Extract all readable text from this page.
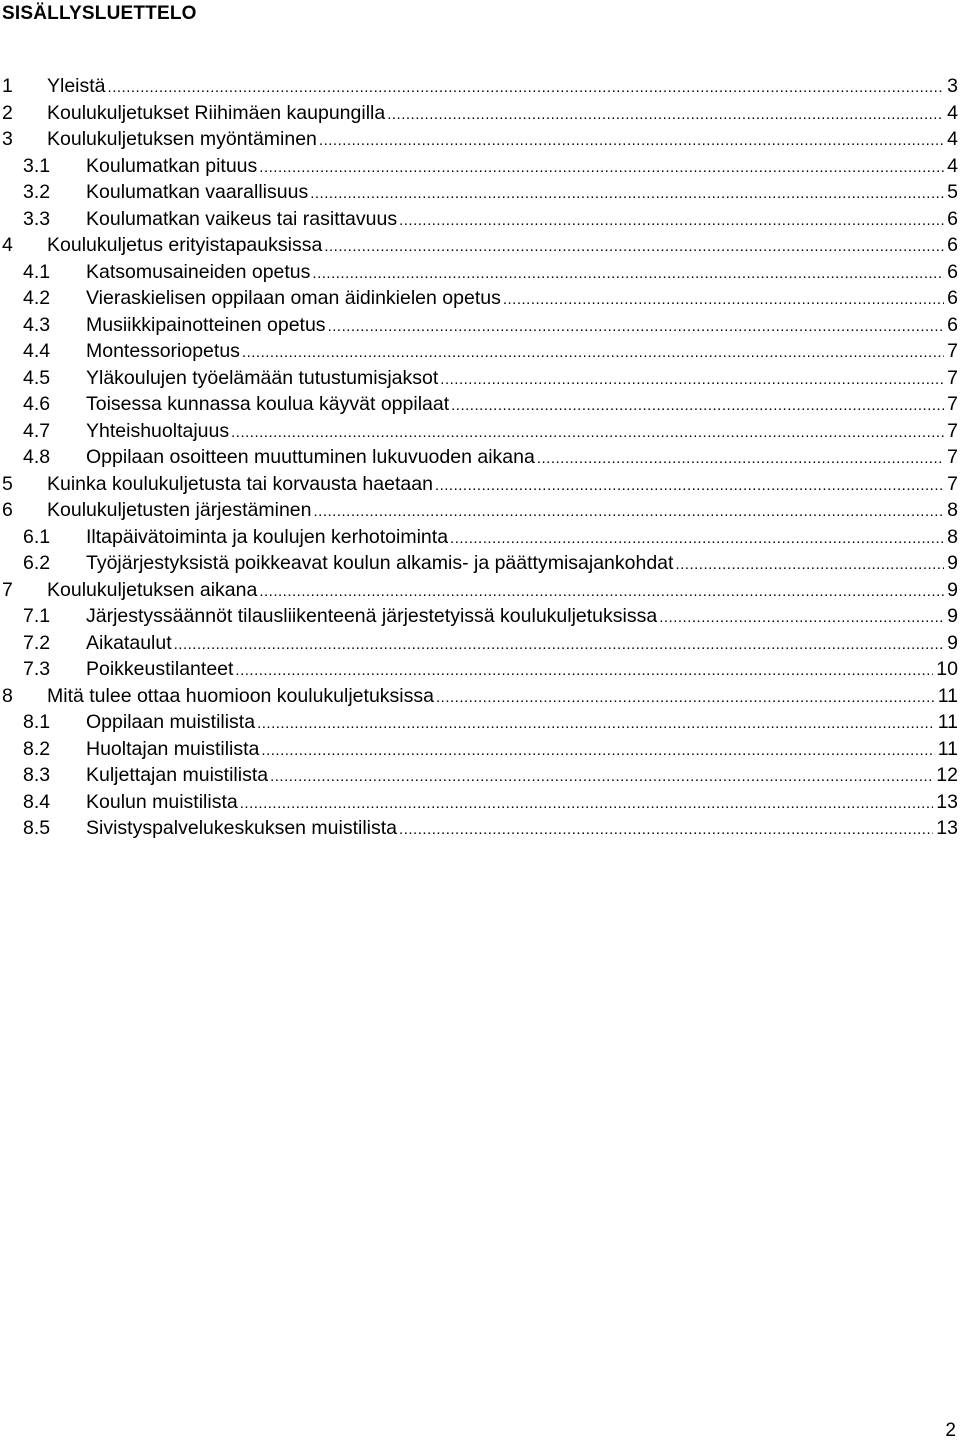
SISÄLLYSLUETTELO
1	Yleistä .....	3
2	Koulukuljetukset Riihimäen kaupungilla .....	4
3	Koulukuljetuksen myöntäminen .....	4
3.1	Koulumatkan pituus .....	4
3.2	Koulumatkan vaarallisuus .....	5
3.3	Koulumatkan vaikeus tai rasittavuus .....	6
4	Koulukuljetus erityistapauksissa .....	6
4.1	Katsomusaineiden opetus .....	6
4.2	Vieraskielisen oppilaan oman äidinkielen opetus .....	6
4.3	Musiikkipainotteinen opetus .....	6
4.4	Montessoriopetus .....	7
4.5	Yläkoulujen työelämään tutustumisjaksot .....	7
4.6	Toisessa kunnassa koulua käyvät oppilaat .....	7
4.7	Yhteishuoltajuus .....	7
4.8	Oppilaan osoitteen muuttuminen lukuvuoden aikana .....	7
5	Kuinka koulukuljetusta tai korvausta haetaan .....	7
6	Koulukuljetusten järjestäminen .....	8
6.1	Iltapäivätoiminta ja koulujen kerhotoiminta .....	8
6.2	Työjärjestyksistä poikkeavat koulun alkamis- ja päättymisajankohdat .....	9
7	Koulukuljetuksen aikana .....	9
7.1	Järjestyssäännöt tilausliikenteenä järjestetyissä koulukuljetuksissa .....	9
7.2	Aikataulut .....	9
7.3	Poikkeustilanteet .....	10
8	Mitä tulee ottaa huomioon koulukuljetuksissa .....	11
8.1	Oppilaan muistilista .....	11
8.2	Huoltajan muistilista .....	11
8.3	Kuljettajan muistilista .....	12
8.4	Koulun muistilista .....	13
8.5	Sivistyspalvelukeskuksen muistilista .....	13
2
